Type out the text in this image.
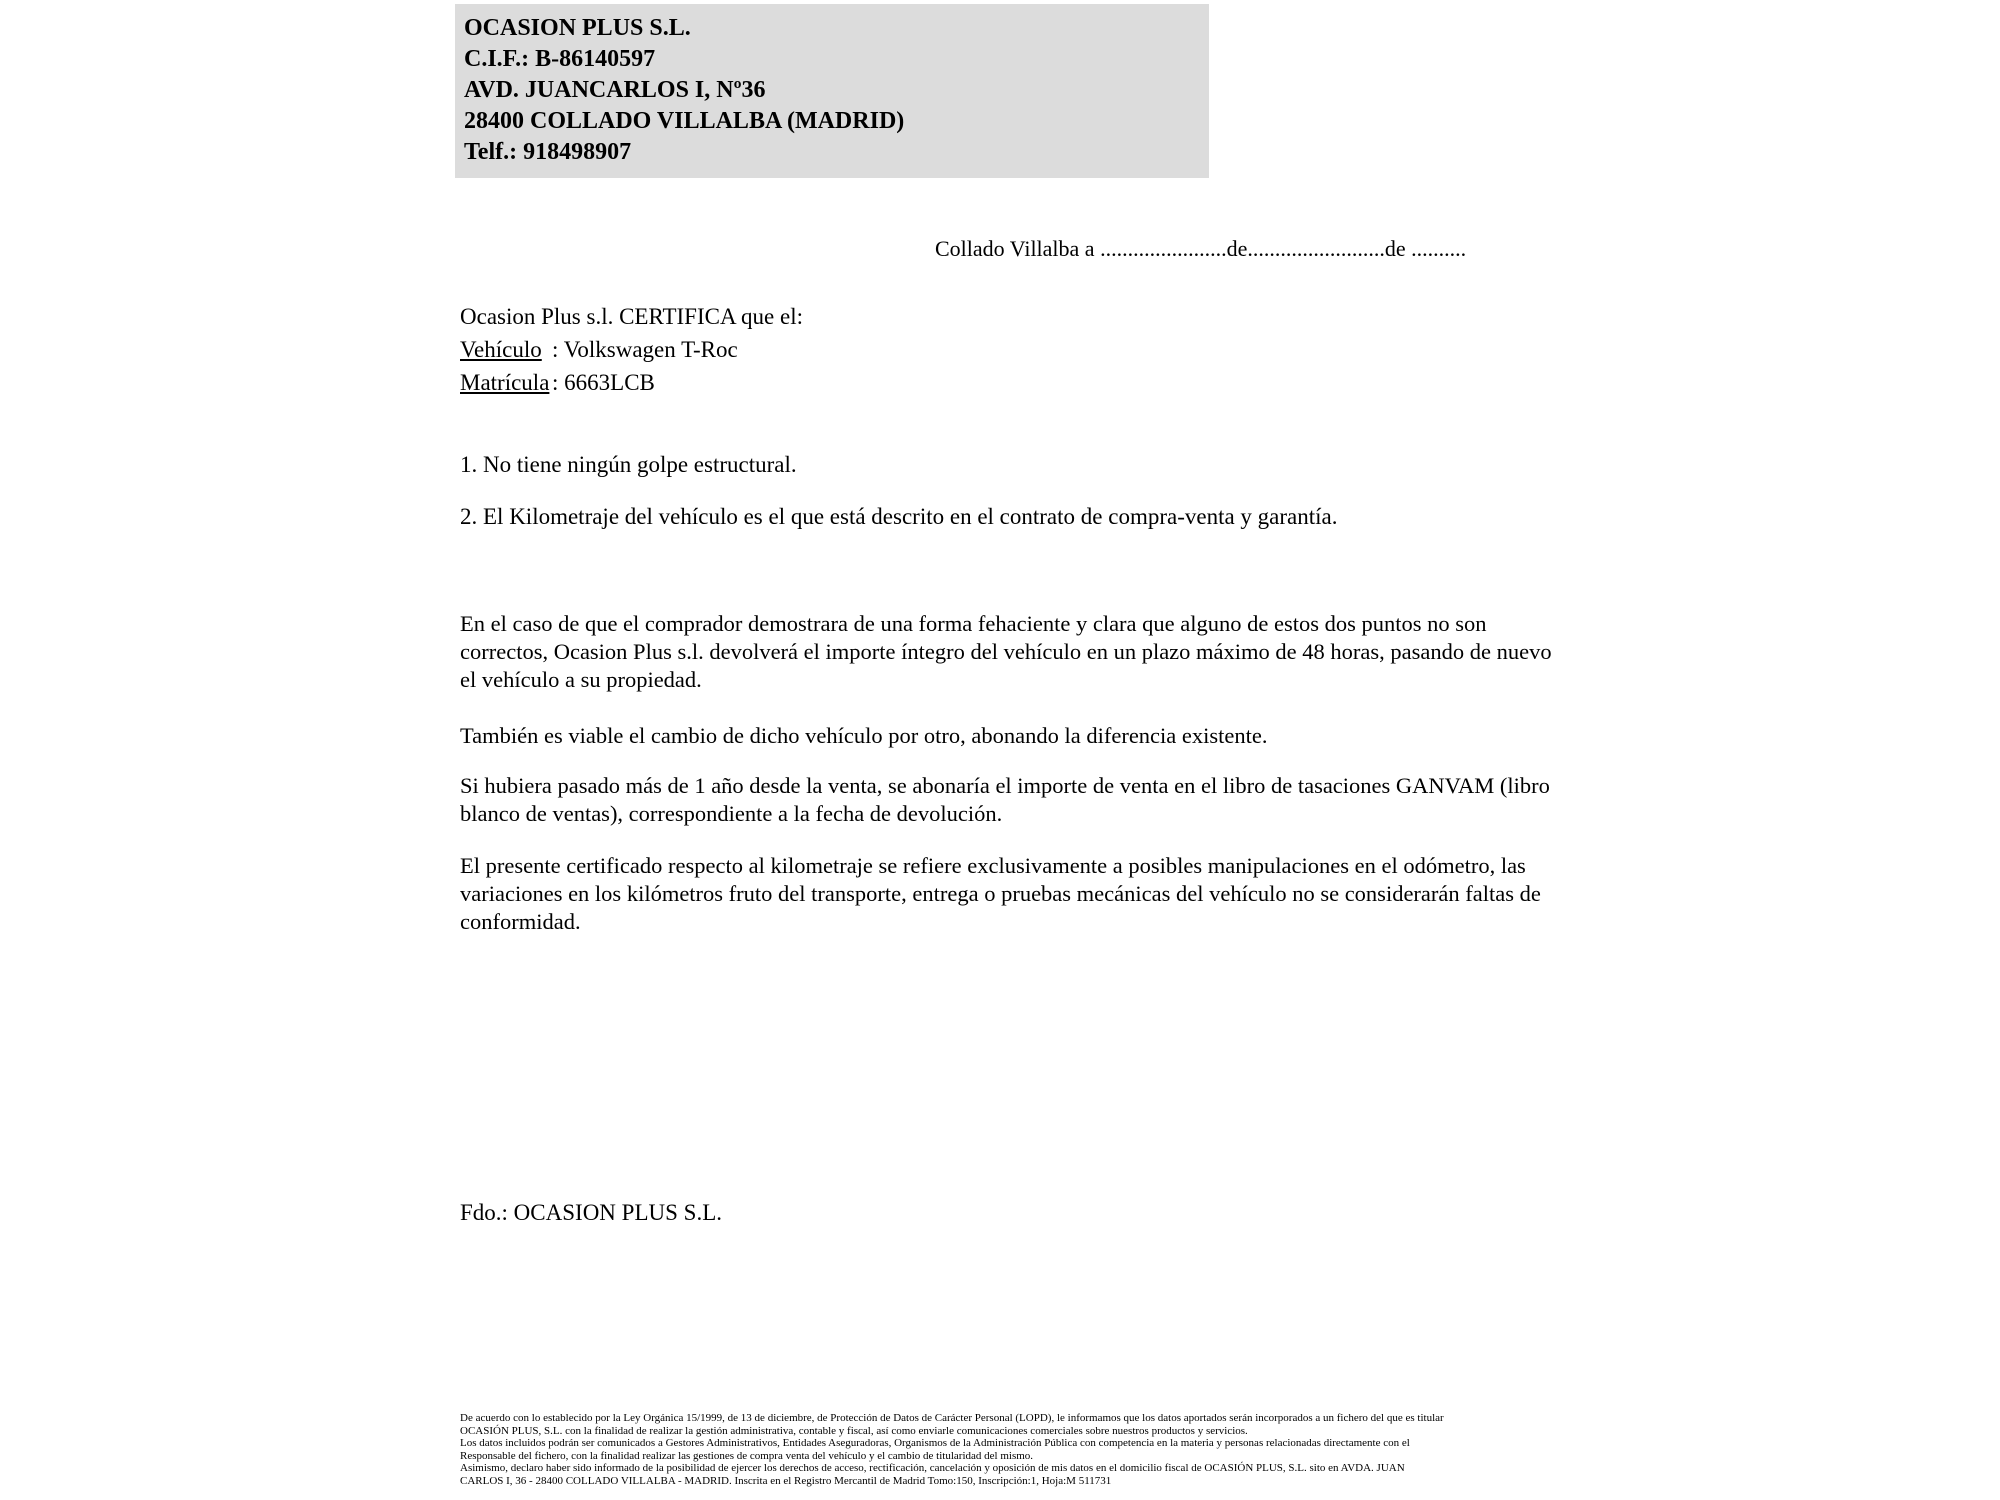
OCASION PLUS S.L.
C.I.F.: B-86140597
AVD. JUANCARLOS I, Nº36
28400 COLLADO VILLALBA (MADRID)
Telf.: 918498907
Collado Villalba a .......................de.........................de ..........
Ocasion Plus s.l. CERTIFICA que el:
Vehículo : Volkswagen T-Roc
Matrícula : 6663LCB
1. No tiene ningún golpe estructural.
2. El Kilometraje del vehículo es el que está descrito en el contrato de compra-venta y garantía.
En el caso de que el comprador demostrara de una forma fehaciente y clara que alguno de estos dos puntos no son correctos, Ocasion Plus s.l. devolverá el importe íntegro del vehículo en un plazo máximo de 48 horas, pasando de nuevo el vehículo a su propiedad.
También es viable el cambio de dicho vehículo por otro, abonando la diferencia existente.
Si hubiera pasado más de 1 año desde la venta, se abonaría el importe de venta en el libro de tasaciones GANVAM (libro blanco de ventas), correspondiente a la fecha de devolución.
El presente certificado respecto al kilometraje se refiere exclusivamente a posibles manipulaciones en el odómetro, las variaciones en los kilómetros fruto del transporte, entrega o pruebas mecánicas del vehículo no se considerarán faltas de conformidad.
Fdo.: OCASION PLUS S.L.
De acuerdo con lo establecido por la Ley Orgánica 15/1999, de 13 de diciembre, de Protección de Datos de Carácter Personal (LOPD), le informamos que los datos aportados serán incorporados a un fichero del que es titular
OCASIÓN PLUS, S.L. con la finalidad de realizar la gestión administrativa, contable y fiscal, así como enviarle comunicaciones comerciales sobre nuestros productos y servicios.
Los datos incluidos podrán ser comunicados a Gestores Administrativos, Entidades Aseguradoras, Organismos de la Administración Pública con competencia en la materia y personas relacionadas directamente con el
Responsable del fichero, con la finalidad realizar las gestiones de compra venta del vehículo y el cambio de titularidad del mismo.
Asimismo, declaro haber sido informado de la posibilidad de ejercer los derechos de acceso, rectificación, cancelación y oposición de mis datos en el domicilio fiscal de OCASIÓN PLUS, S.L. sito en AVDA. JUAN
CARLOS I, 36 - 28400 COLLADO VILLALBA - MADRID. Inscrita en el Registro Mercantil de Madrid Tomo:150, Inscripción:1, Hoja:M 511731
